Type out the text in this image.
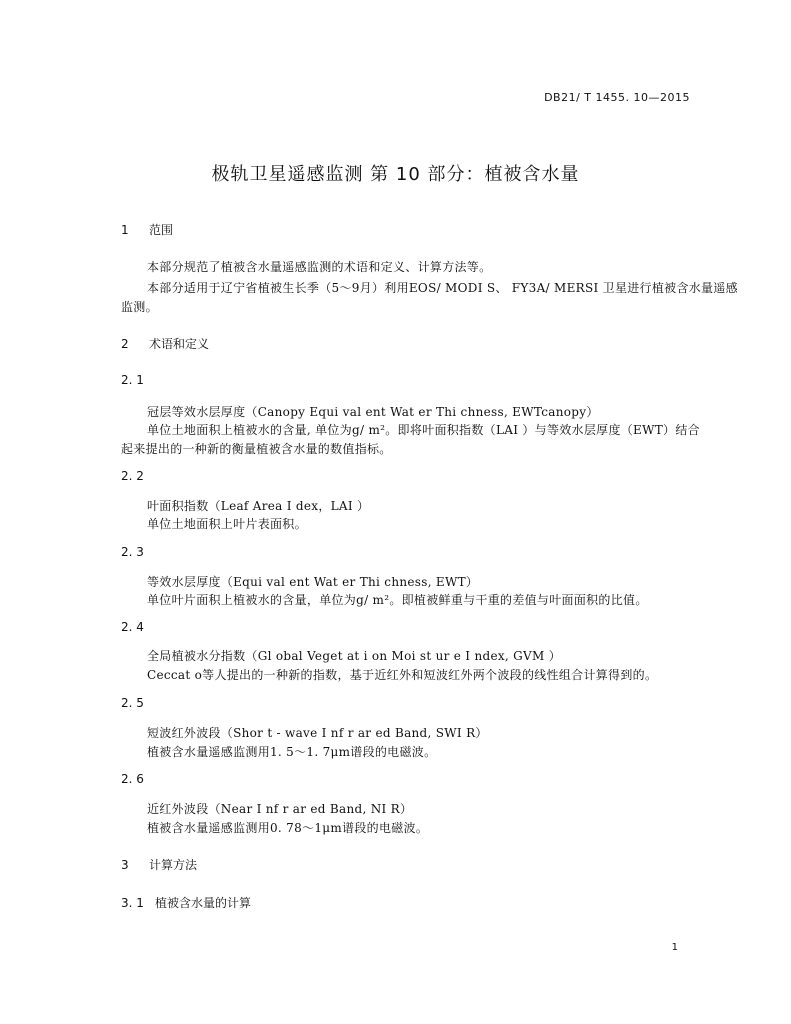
DB21/ T 1455. 10—2015
极轨卫星遥感监测 第 10 部分：植被含水量
1 范围
本部分规范了植被含水量遥感监测的术语和定义、计算方法等。
本部分适用于辽宁省植被生长季（5～9月）利用EOS/ MODI S、 FY3A/ MERSI 卫星进行植被含水量遥感
监测。
2 术语和定义
2. 1
冠层等效水层厚度（Canopy Equi val ent Wat er Thi chness, EWTcanopy）
单位土地面积上植被水的含量, 单位为g/ m²。即将叶面积指数（LAI ）与等效水层厚度（EWT）结合
起来提出的一种新的衡量植被含水量的数值指标。
2. 2
叶面积指数（Leaf Area I dex，LAI ）
单位土地面积上叶片表面积。
2. 3
等效水层厚度（Equi val ent Wat er Thi chness, EWT）
单位叶片面积上植被水的含量，单位为g/ m²。即植被鲜重与干重的差值与叶面面积的比值。
2. 4
全局植被水分指数（Gl obal Veget at i on Moi st ur e I ndex, GVM ）
Ceccat o等人提出的一种新的指数，基于近红外和短波红外两个波段的线性组合计算得到的。
2. 5
短波红外波段（Shor t - wave I nf r ar ed Band, SWI R）
植被含水量遥感监测用1. 5～1. 7μm谱段的电磁波。
2. 6
近红外波段（Near I nf r ar ed Band, NI R）
植被含水量遥感监测用0. 78～1μm谱段的电磁波。
3 计算方法
3. 1 植被含水量的计算
1
